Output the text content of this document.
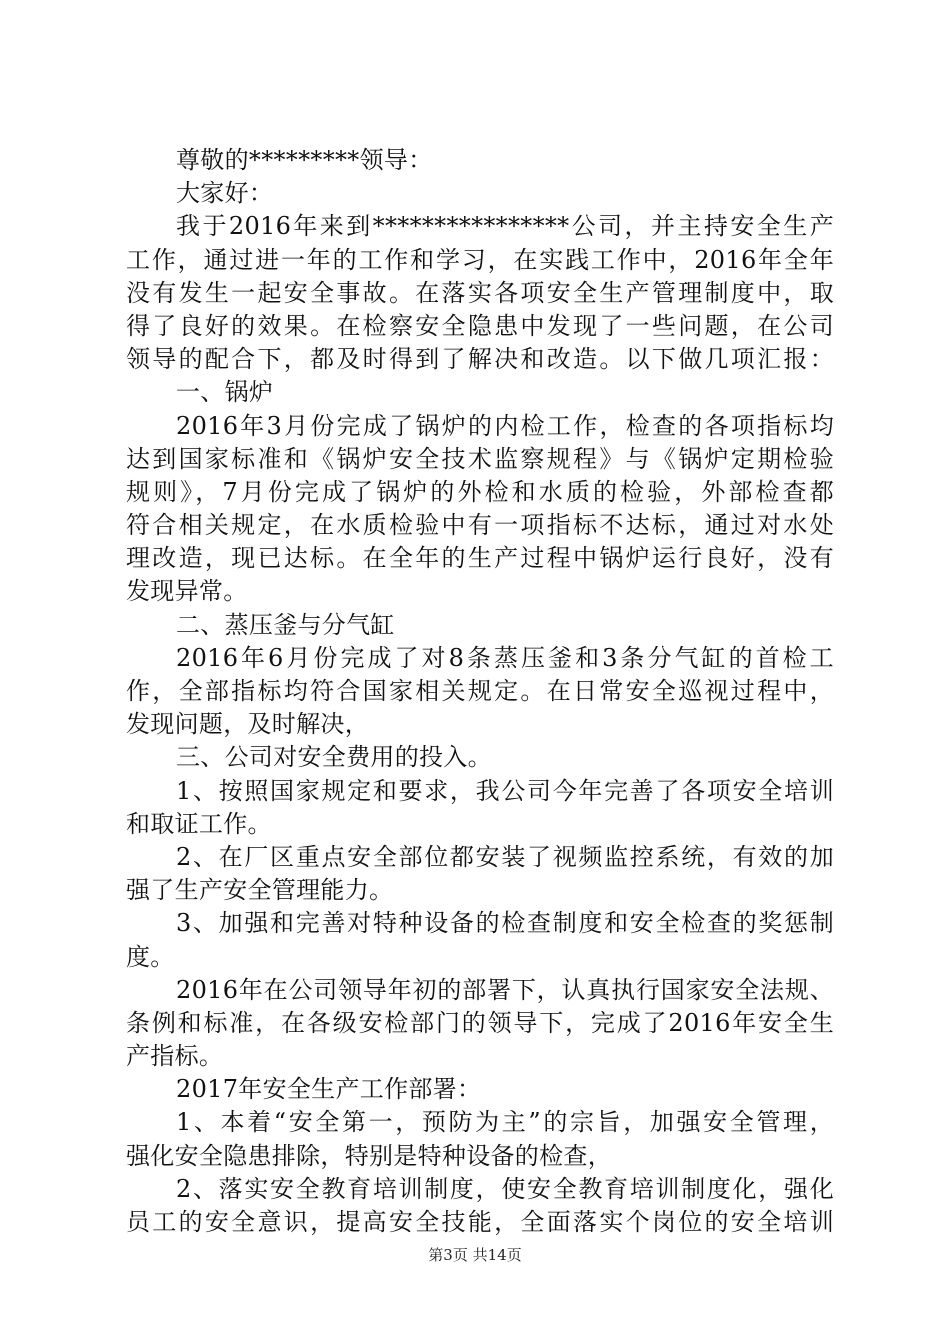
尊敬的*********领导：
大家好：
我于2016年来到****************公司，并主持安全生产
工作，通过进一年的工作和学习，在实践工作中，2016年全年
没有发生一起安全事故。在落实各项安全生产管理制度中，取
得了良好的效果。在检察安全隐患中发现了一些问题，在公司
领导的配合下，都及时得到了解决和改造。以下做几项汇报：
一、锅炉
2016年3月份完成了锅炉的内检工作，检查的各项指标均
达到国家标准和《锅炉安全技术监察规程》与《锅炉定期检验
规则》，7月份完成了锅炉的外检和水质的检验，外部检查都
符合相关规定，在水质检验中有一项指标不达标，通过对水处
理改造，现已达标。在全年的生产过程中锅炉运行良好，没有
发现异常。
二、蒸压釜与分气缸
2016年6月份完成了对8条蒸压釜和3条分气缸的首检工
作，全部指标均符合国家相关规定。在日常安全巡视过程中，
发现问题，及时解决，
三、公司对安全费用的投入。
1、按照国家规定和要求，我公司今年完善了各项安全培训
和取证工作。
2、在厂区重点安全部位都安装了视频监控系统，有效的加
强了生产安全管理能力。
3、加强和完善对特种设备的检查制度和安全检查的奖惩制
度。
2016年在公司领导年初的部署下，认真执行国家安全法规、
条例和标准，在各级安检部门的领导下，完成了2016年安全生
产指标。
2017年安全生产工作部署：
1、本着“安全第一，预防为主”的宗旨，加强安全管理，
强化安全隐患排除，特别是特种设备的检查，
2、落实安全教育培训制度，使安全教育培训制度化，强化
员工的安全意识，提高安全技能，全面落实个岗位的安全培训
第3页 共14页
